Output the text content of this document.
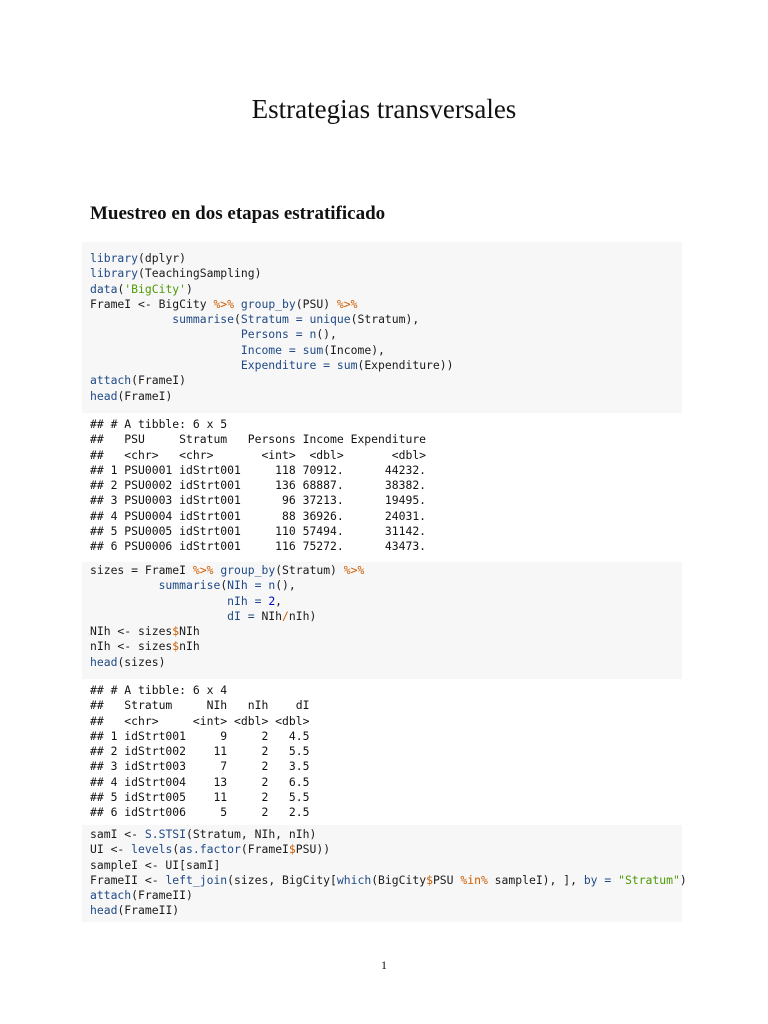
Estrategias transversales
Muestreo en dos etapas estratificado
library(dplyr)
library(TeachingSampling)
data('BigCity')
FrameI <- BigCity %>% group_by(PSU) %>%
summarise(Stratum = unique(Stratum),
Persons = n(),
Income = sum(Income),
Expenditure = sum(Expenditure))
attach(FrameI)
head(FrameI)
## # A tibble: 6 x 5
##   PSU     Stratum   Persons Income Expenditure
##   <chr>   <chr>       <int>  <dbl>       <dbl>
## 1 PSU0001 idStrt001     118 70912.      44232.
## 2 PSU0002 idStrt001     136 68887.      38382.
## 3 PSU0003 idStrt001      96 37213.      19495.
## 4 PSU0004 idStrt001      88 36926.      24031.
## 5 PSU0005 idStrt001     110 57494.      31142.
## 6 PSU0006 idStrt001     116 75272.      43473.
sizes = FrameI %>% group_by(Stratum) %>%
summarise(NIh = n(),
nIh = 2,
dI = NIh/nIh)
NIh <- sizes$NIh
nIh <- sizes$nIh
head(sizes)
## # A tibble: 6 x 4
##   Stratum     NIh   nIh    dI
##   <chr>     <int> <dbl> <dbl>
## 1 idStrt001     9     2   4.5
## 2 idStrt002    11     2   5.5
## 3 idStrt003     7     2   3.5
## 4 idStrt004    13     2   6.5
## 5 idStrt005    11     2   5.5
## 6 idStrt006     5     2   2.5
samI <- S.STSI(Stratum, NIh, nIh)
UI <- levels(as.factor(FrameI$PSU))
sampleI <- UI[samI]
FrameII <- left_join(sizes, BigCity[which(BigCity$PSU %in% sampleI), ], by = "Stratum")
attach(FrameII)
head(FrameII)
1
